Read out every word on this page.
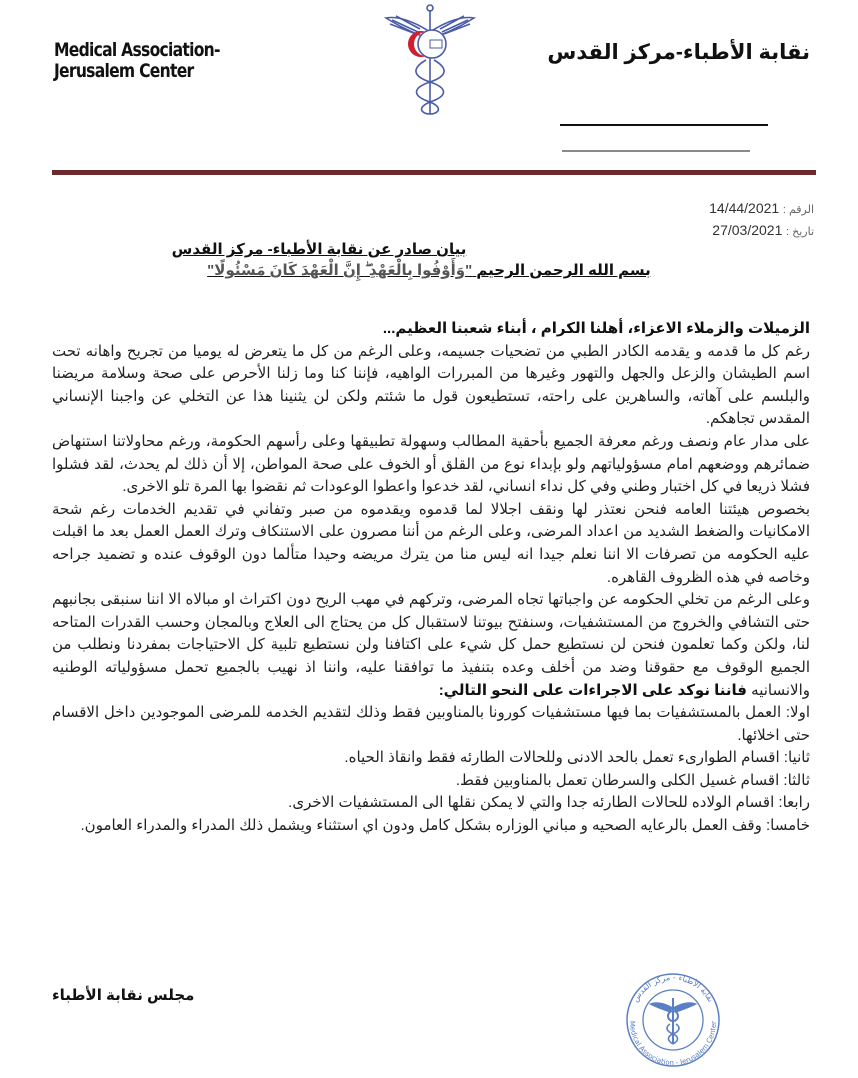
Medical Association-Jerusalem Center
نقابة الأطباء-مركز القدس
الرقم : 14/44/2021
تاريخ : 27/03/2021
بيان صادر عن نقابة الأطباء- مركز القدس
بسم الله الرحمن الرحيم "وَأَوْفُوا بِالْعَهْدِ ۖ إِنَّ الْعَهْدَ كَانَ مَسْئُولًا"

الزميلات والزملاء الاعزاء، أهلنا الكرام ، أبناء شعبنا العظيم...

رغم كل ما قدمه و يقدمه الكادر الطبي من تضحيات جسيمه، وعلى الرغم من كل ما يتعرض له يوميا من تجريح واهانه تحت اسم الطيشان والزعل والجهل والتهور وغيرها من المبررات الواهيه، فإننا كنا وما زلنا الأحرص على صحة وسلامة مريضنا والبلسم على آهاته، والساهرين على راحته، تستطيعون قول ما شئتم ولكن لن يثنينا هذا عن التخلي عن واجبنا الإنساني المقدس تجاهكم.

على مدار عام ونصف ورغم معرفة الجميع بأحقية المطالب وسهولة تطبيقها وعلى رأسهم الحكومة، ورغم محاولاتنا استنهاض ضمائرهم ووضعهم امام مسؤولياتهم ولو بإبداء نوع من القلق أو الخوف على صحة المواطن، إلا أن ذلك لم يحدث، لقد فشلوا فشلا ذريعا في كل اختبار وطني وفي كل نداء انساني، لقد خدعوا واعطوا الوعودات ثم نقضوا بها المرة تلو الاخرى.

بخصوص هيئتنا العامه فنحن نعتذر لها ونقف اجلالا لما قدموه ويقدموه من صبر وتفاني في تقديم الخدمات رغم شحة الامكانيات والضغط الشديد من اعداد المرضى، وعلى الرغم من أننا مصرون على الاستنكاف وترك العمل العمل بعد ما اقبلت عليه الحكومه من تصرفات الا اننا نعلم جيدا انه ليس منا من يترك مريضه وحيدا متألما دون الوقوف عنده و تضميد جراحه وخاصه في هذه الظروف القاهره.

وعلى الرغم من تخلي الحكومه عن واجباتها تجاه المرضى، وتركهم في مهب الريح دون اكتراث او مبالاه الا اننا سنبقى بجانبهم حتى التشافي والخروج من المستشفيات، وسنفتح بيوتنا لاستقبال كل من يحتاج الى العلاج وبالمجان وحسب القدرات المتاحه لنا، ولكن وكما تعلمون فنحن لن نستطيع حمل كل شيء على اكتافنا ولن نستطيع تلبية كل الاحتياجات بمفردنا ونطلب من الجميع الوقوف مع حقوقنا وضد من أخلف وعده بتنفيذ ما توافقنا عليه، واننا اذ نهيب بالجميع تحمل مسؤولياته الوطنيه والانسانيه فاننا نوكد على الاجراءات على النحو التالي:

اولا: العمل بالمستشفيات بما فيها مستشفيات كورونا بالمناوبين فقط وذلك لتقديم الخدمه للمرضى الموجودين داخل الاقسام حتى اخلائها.

ثانيا: اقسام الطوارىء تعمل بالحد الادنى وللحالات الطارئه فقط وانقاذ الحياه.

ثالثا: اقسام غسيل الكلى والسرطان تعمل بالمناوبين فقط.

رابعا: اقسام الولاده للحالات الطارئه جدا والتي لا يمكن نقلها الى المستشفيات الاخرى.

خامسا: وقف العمل بالرعايه الصحيه و مباني الوزاره بشكل كامل ودون اي استثناء ويشمل ذلك المدراء والمدراء العامون.

مجلس نقابة الأطباء	نقابة الأطباء - مركز القدس
Medical Association - Jerusalem Center
